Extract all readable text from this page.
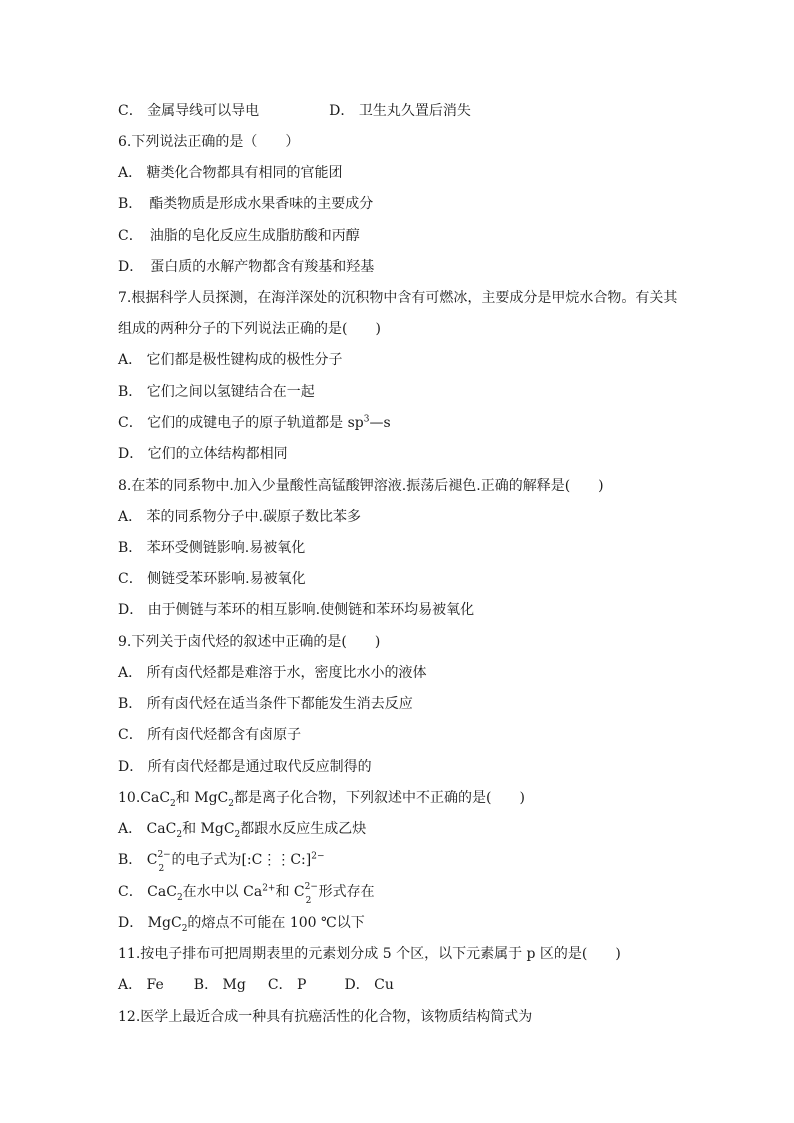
C． 金属导线可以导电	D． 卫生丸久置后消失
6.下列说法正确的是（　　）
A． 糖类化合物都具有相同的官能团
B．　酯类物质是形成水果香味的主要成分
C．　油脂的皂化反应生成脂肪酸和丙醇
D．　蛋白质的水解产物都含有羧基和羟基
7.根据科学人员探测，在海洋深处的沉积物中含有可燃冰，主要成分是甲烷水合物。有关其
组成的两种分子的下列说法正确的是(　　)
A． 它们都是极性键构成的极性分子
B． 它们之间以氢键结合在一起
C． 它们的成键电子的原子轨道都是 $sp^3—s$
D． 它们的立体结构都相同
8.在苯的同系物中.加入少量酸性高锰酸钾溶液.振荡后褪色.正确的解释是(　　)
A． 苯的同系物分子中.碳原子数比苯多
B． 苯环受侧链影响.易被氧化
C． 侧链受苯环影响.易被氧化
D． 由于侧链与苯环的相互影响.使侧链和苯环均易被氧化
9.下列关于卤代烃的叙述中正确的是(　　)
A． 所有卤代烃都是难溶于水，密度比水小的液体
B． 所有卤代烃在适当条件下都能发生消去反应
C． 所有卤代烃都含有卤原子
D． 所有卤代烃都是通过取代反应制得的
10.CaC$_2$和 MgC$_2$都是离子化合物，下列叙述中不正确的是(　　)
A． CaC$_2$和 MgC$_2$都跟水反应生成乙炔
B． C 2−
2
的电子式为[:C⋮⋮C:]$^{2-}$
C． CaC$_2$在水中以 $Ca^{2+}$和 C 2−
2
形式存在
D． MgC$_2$的熔点不可能在 100 ℃以下
11.按电子排布可把周期表里的元素划分成 5 个区，以下元素属于 p 区的是(　　)
A． Fe B． Mg C． P	D． Cu
12.医学上最近合成一种具有抗癌活性的化合物，该物质结构简式为
